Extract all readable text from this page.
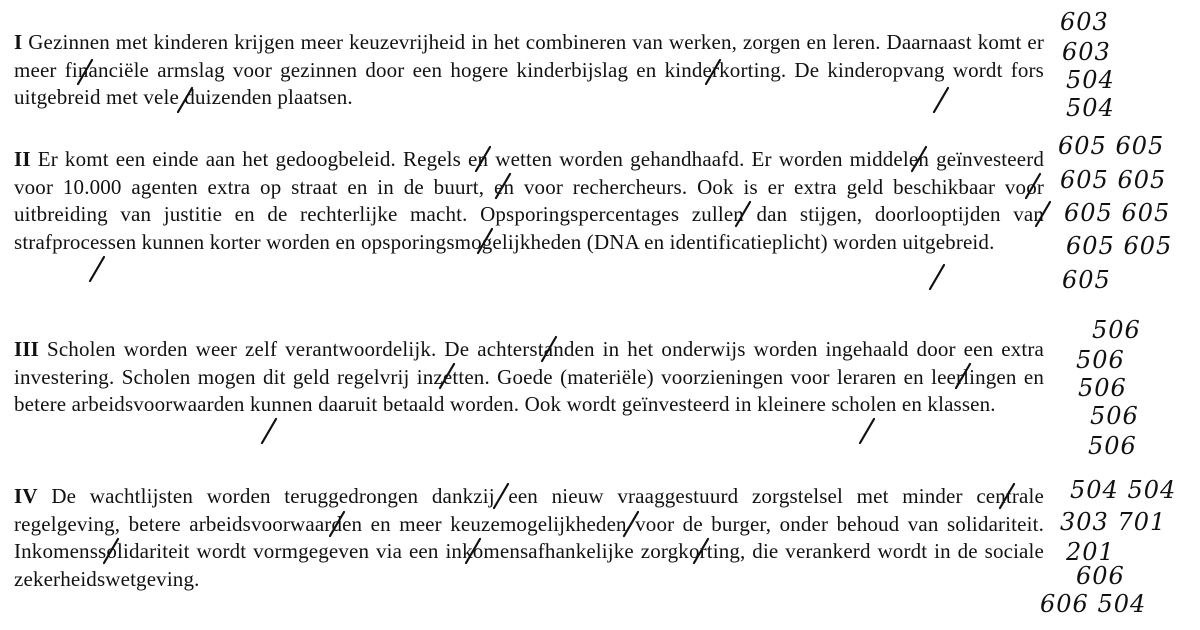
I Gezinnen met kinderen krijgen meer keuzevrijheid in het combineren van werken, zorgen en leren. Daarnaast komt er meer financiële armslag voor gezinnen door een hogere kinderbijslag en kinderkorting. De kinderopvang wordt fors uitgebreid met vele duizenden plaatsen.

II Er komt een einde aan het gedoogbeleid. Regels en wetten worden gehandhaafd. Er worden middelen geïnvesteerd voor 10.000 agenten extra op straat en in de buurt, en voor rechercheurs. Ook is er extra geld beschikbaar voor uitbreiding van justitie en de rechterlijke macht. Opsporingspercentages zullen dan stijgen, doorlooptijden van strafprocessen kunnen korter worden en opsporingsmogelijkheden (DNA en identificatieplicht) worden uitgebreid.

III Scholen worden weer zelf verantwoordelijk. De achterstanden in het onderwijs worden ingehaald door een extra investering. Scholen mogen dit geld regelvrij inzetten. Goede (materiële) voorzieningen voor leraren en leerlingen en betere arbeidsvoorwaarden kunnen daaruit betaald worden. Ook wordt geïnvesteerd in kleinere scholen en klassen.

IV De wachtlijsten worden teruggedrongen dankzij een nieuw vraaggestuurd zorgstelsel met minder centrale regelgeving, betere arbeidsvoorwaarden en meer keuzemogelijkheden voor de burger, onder behoud van solidariteit. Inkomenssolidariteit wordt vormgegeven via een inkomensafhankelijke zorgkorting, die verankerd wordt in de sociale zekerheidswetgeving.

603
603
504
504
605 605
605 605
605 605
605 605
605
506
506
506
506
506
504 504
303 701
201
606
606 504
